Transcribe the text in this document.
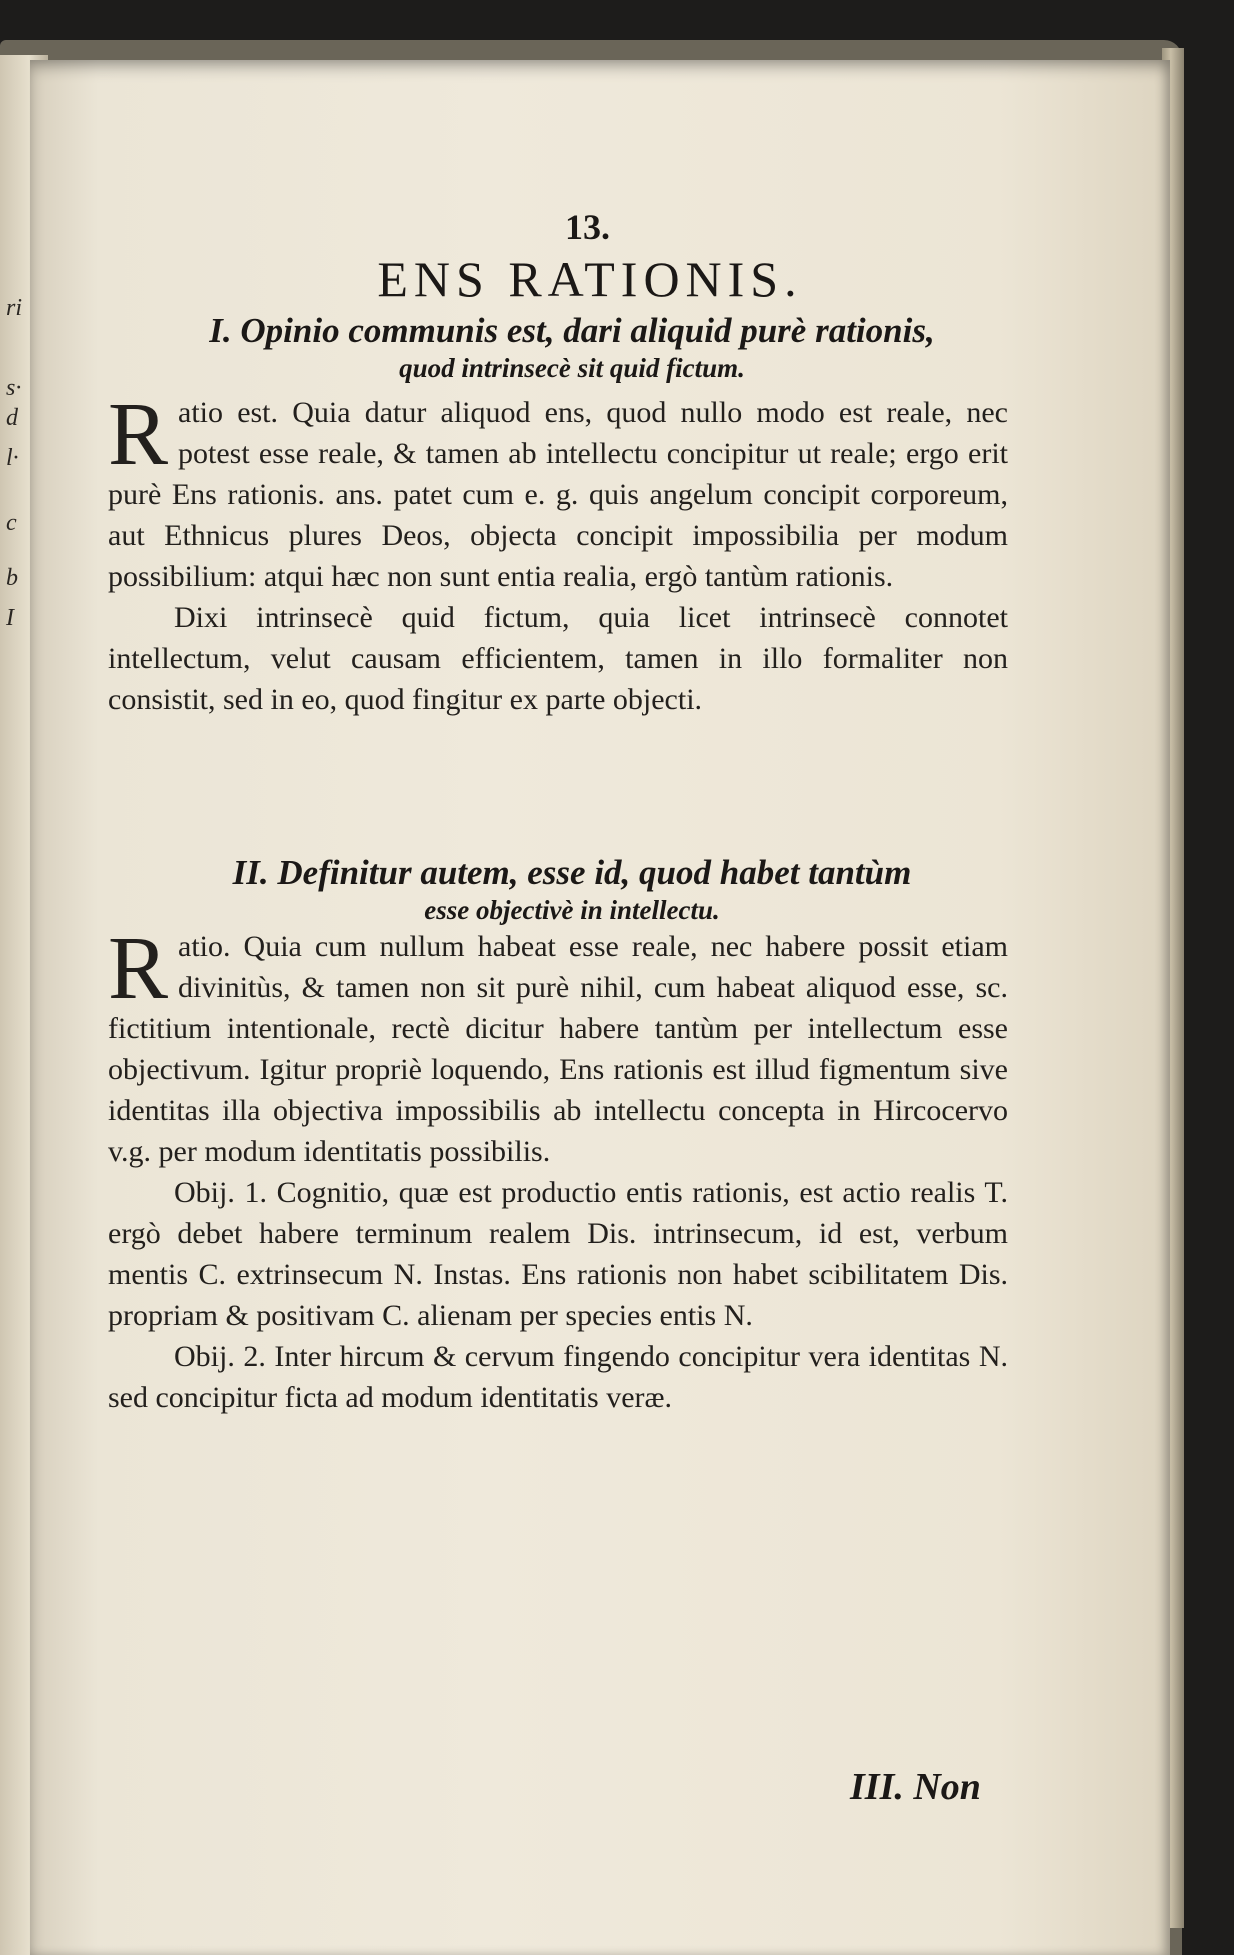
ri
s·
d
l·
c
b
I
13.
ENS RATIONIS.
I. Opinio communis est, dari aliquid purè rationis,
quod intrinsecè sit quid fictum.

Ratio est. Quia datur aliquod ens, quod nullo modo est reale, nec potest esse reale, & tamen ab intellectu concipitur ut reale; ergo erit purè Ens rationis. ans. patet cum e. g. quis angelum concipit corporeum, aut Ethnicus plures Deos, objecta concipit impossibilia per modum possibilium: atqui hæc non sunt entia realia, ergò tantùm rationis.

Dixi intrinsecè quid fictum, quia licet intrinsecè connotet intellectum, velut causam efficientem, tamen in illo formaliter non consistit, sed in eo, quod fingitur ex parte objecti.

II. Definitur autem, esse id, quod habet tantùm
esse objectivè in intellectu.

Ratio. Quia cum nullum habeat esse reale, nec habere possit etiam divinitùs, & tamen non sit purè nihil, cum habeat aliquod esse, sc. fictitium intentionale, rectè dicitur habere tantùm per intellectum esse objectivum. Igitur propriè loquendo, Ens rationis est illud figmentum sive identitas illa objectiva impossibilis ab intellectu concepta in Hircocervo v.g. per modum identitatis possibilis.

Obij. 1. Cognitio, quæ est productio entis rationis, est actio realis T. ergò debet habere terminum realem Dis. intrinsecum, id est, verbum mentis C. extrinsecum N. Instas. Ens rationis non habet scibilitatem Dis. propriam & positivam C. alienam per species entis N.

Obij. 2. Inter hircum & cervum fingendo concipitur vera identitas N. sed concipitur ficta ad modum identitatis veræ.

III. Non
